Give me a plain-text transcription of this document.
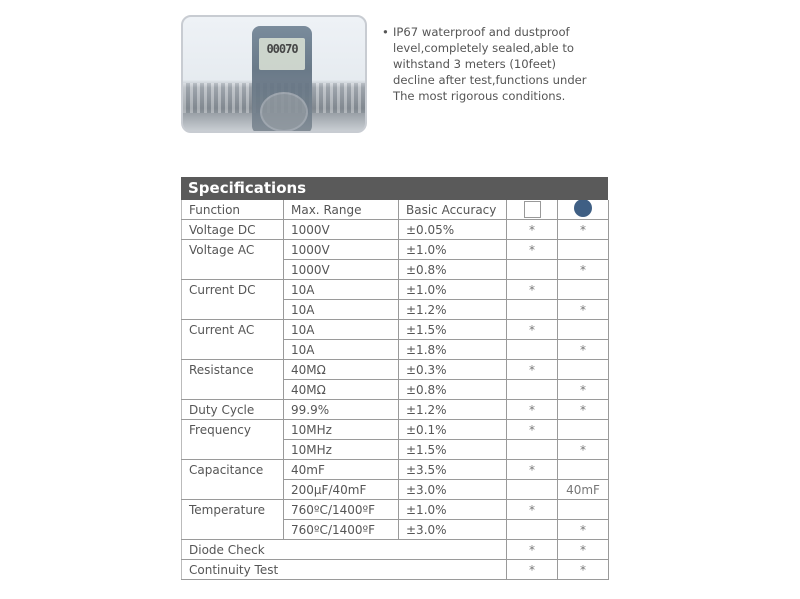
00070
• IP67 waterproof and dustproof
level,completely sealed,able to
withstand 3 meters (10feet)
decline after test,functions under
The most rigorous conditions.
Specifications
Function	Max. Range	Basic Accuracy		
Voltage DC	1000V	±0.05%	*	*
Voltage AC	1000V	±1.0%	*	
	1000V	±0.8%		*
Current DC	10A	±1.0%	*	
	10A	±1.2%		*
Current AC	10A	±1.5%	*	
	10A	±1.8%		*
Resistance	40MΩ	±0.3%	*	
	40MΩ	±0.8%		*
Duty Cycle	99.9%	±1.2%	*	*
Frequency	10MHz	±0.1%	*	
	10MHz	±1.5%		*
Capacitance	40mF	±3.5%	*	
	200µF/40mF	±3.0%		40mF
Temperature	760ºC/1400ºF	±1.0%	*	
	760ºC/1400ºF	±3.0%		*
Diode Check			*	*
Continuity Test			*	*
